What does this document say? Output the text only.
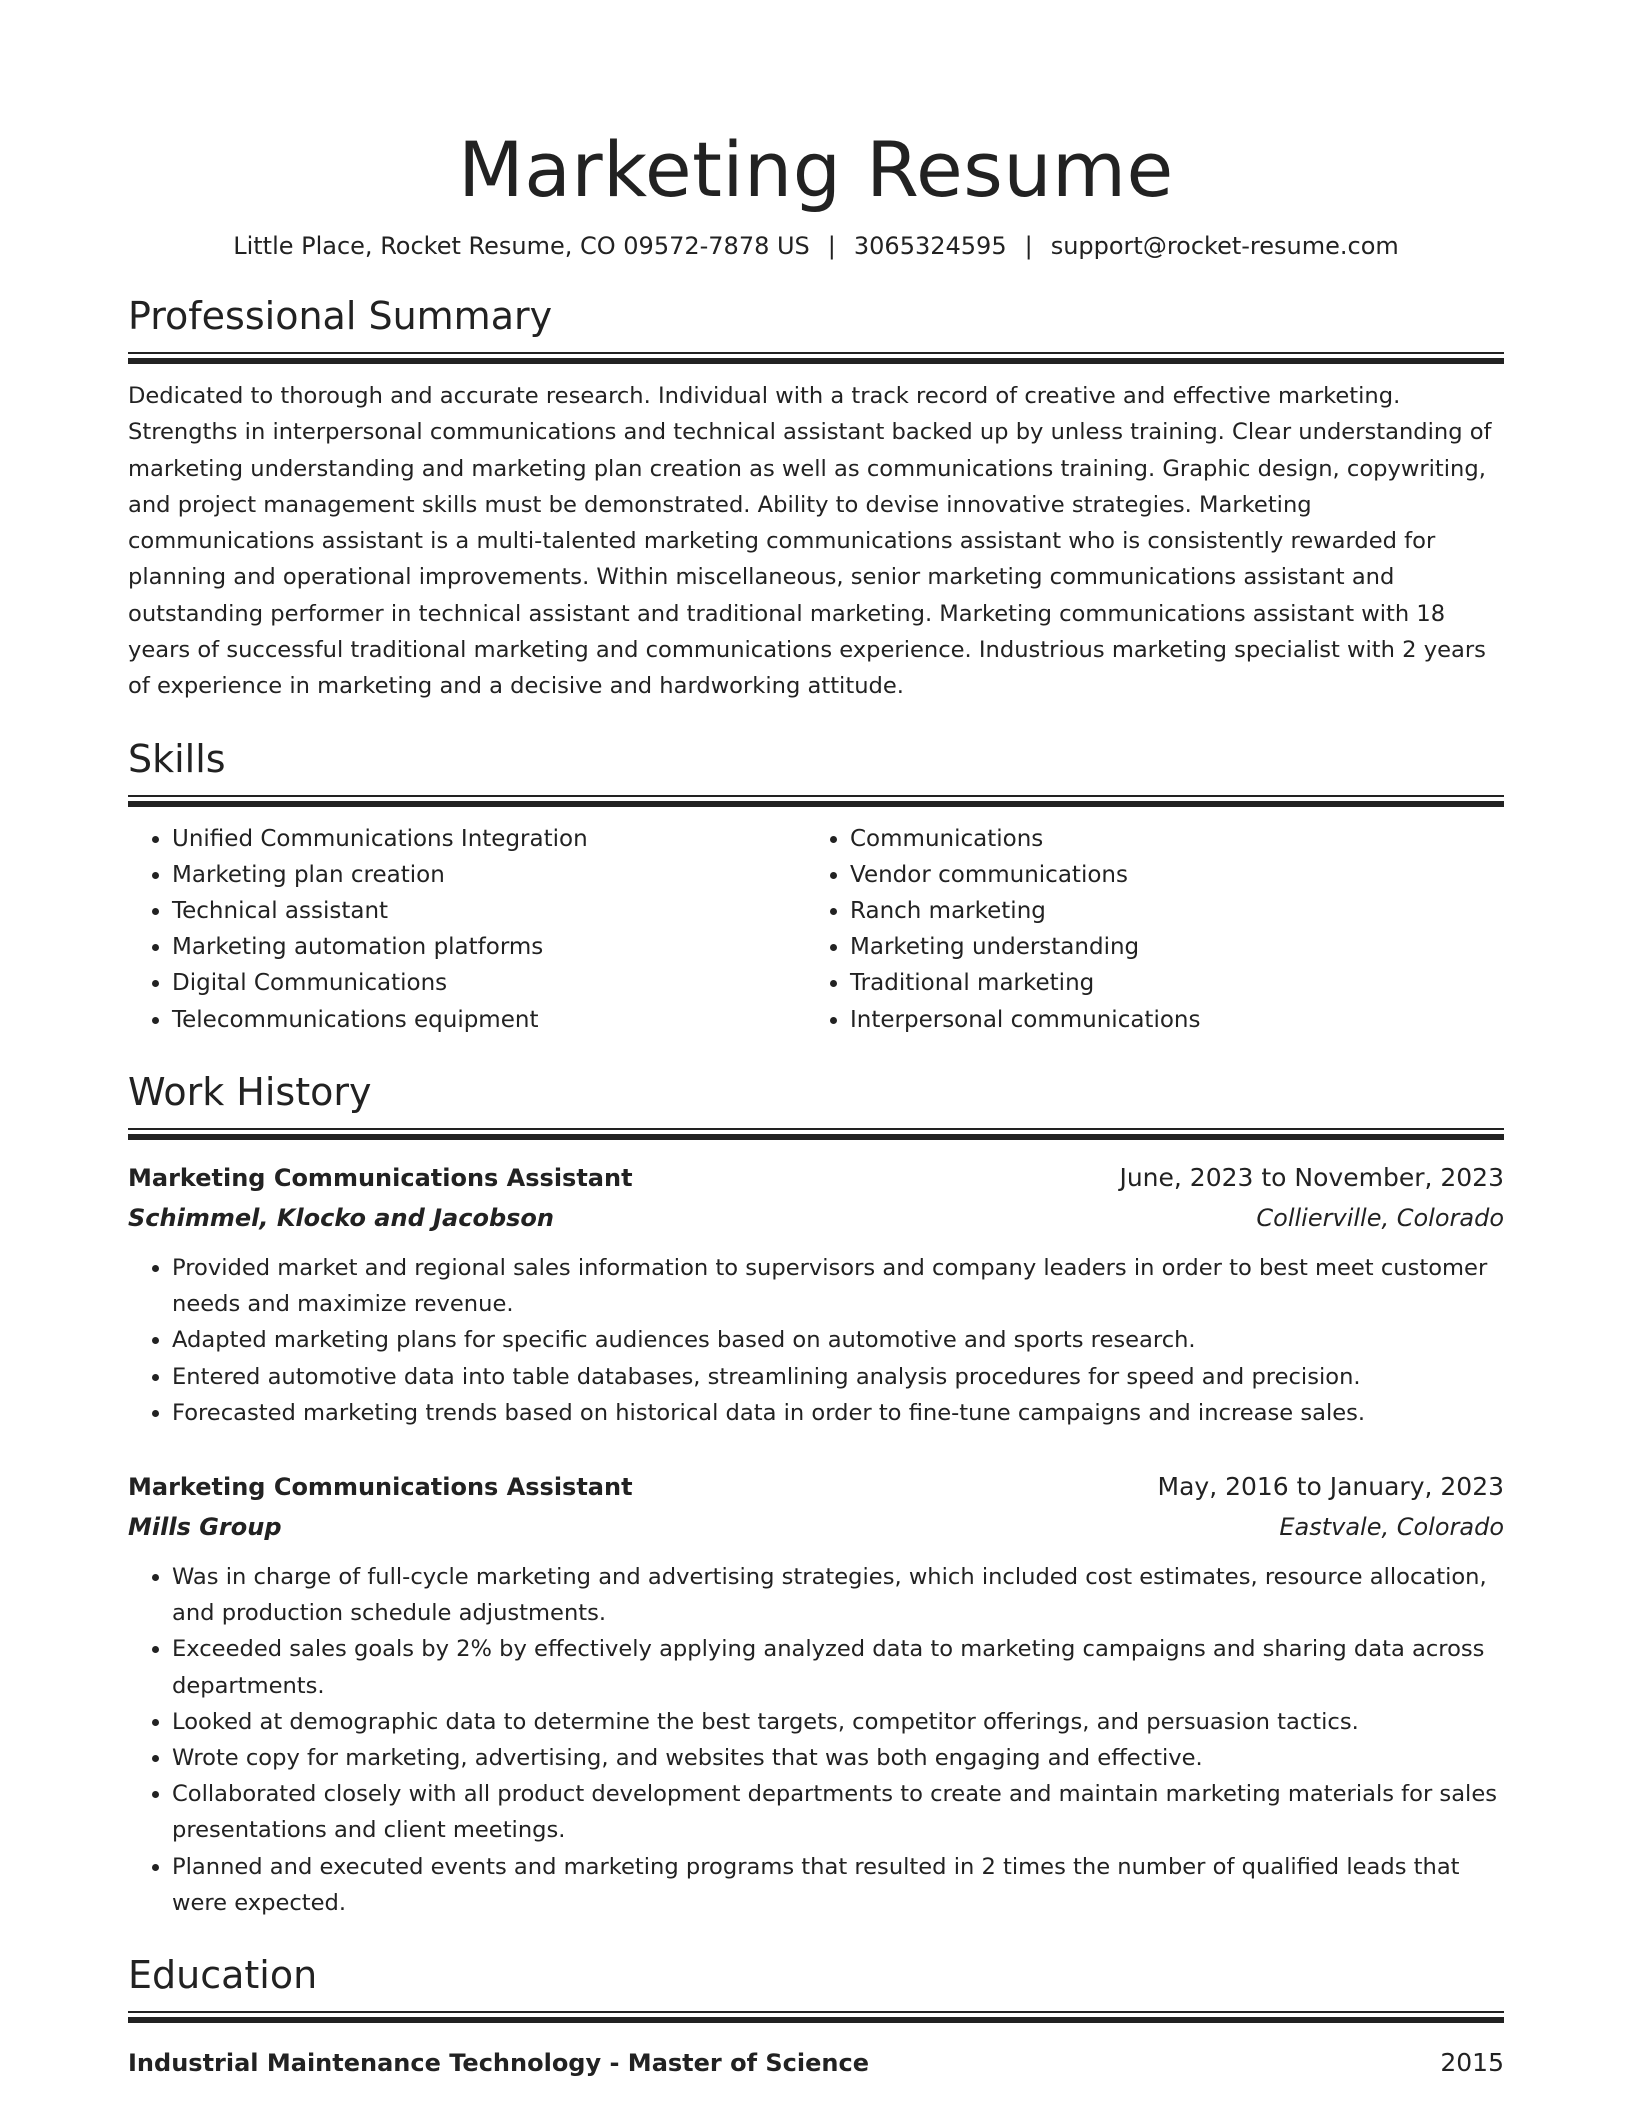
Marketing Resume
Little Place, Rocket Resume, CO 09572-7878 US | 3065324595 | support@rocket-resume.com
Professional Summary
Dedicated to thorough and accurate research. Individual with a track record of creative and effective marketing. Strengths in interpersonal communications and technical assistant backed up by unless training. Clear understanding of marketing understanding and marketing plan creation as well as communications training. Graphic design, copywriting, and project management skills must be demonstrated. Ability to devise innovative strategies. Marketing communications assistant is a multi-talented marketing communications assistant who is consistently rewarded for planning and operational improvements. Within miscellaneous, senior marketing communications assistant and outstanding performer in technical assistant and traditional marketing. Marketing communications assistant with 18 years of successful traditional marketing and communications experience. Industrious marketing specialist with 2 years of experience in marketing and a decisive and hardworking attitude.
Skills
• Unified Communications Integration
• Marketing plan creation
• Technical assistant
• Marketing automation platforms
• Digital Communications
• Telecommunications equipment
• Communications
• Vendor communications
• Ranch marketing
• Marketing understanding
• Traditional marketing
• Interpersonal communications
Work History
Marketing Communications Assistant	June, 2023 to November, 2023
Schimmel, Klocko and Jacobson	Collierville, Colorado
• Provided market and regional sales information to supervisors and company leaders in order to best meet customer needs and maximize revenue.
• Adapted marketing plans for specific audiences based on automotive and sports research.
• Entered automotive data into table databases, streamlining analysis procedures for speed and precision.
• Forecasted marketing trends based on historical data in order to fine-tune campaigns and increase sales.
Marketing Communications Assistant	May, 2016 to January, 2023
Mills Group	Eastvale, Colorado
• Was in charge of full-cycle marketing and advertising strategies, which included cost estimates, resource allocation, and production schedule adjustments.
• Exceeded sales goals by 2% by effectively applying analyzed data to marketing campaigns and sharing data across departments.
• Looked at demographic data to determine the best targets, competitor offerings, and persuasion tactics.
• Wrote copy for marketing, advertising, and websites that was both engaging and effective.
• Collaborated closely with all product development departments to create and maintain marketing materials for sales presentations and client meetings.
• Planned and executed events and marketing programs that resulted in 2 times the number of qualified leads that were expected.
Education
Industrial Maintenance Technology - Master of Science	2015
